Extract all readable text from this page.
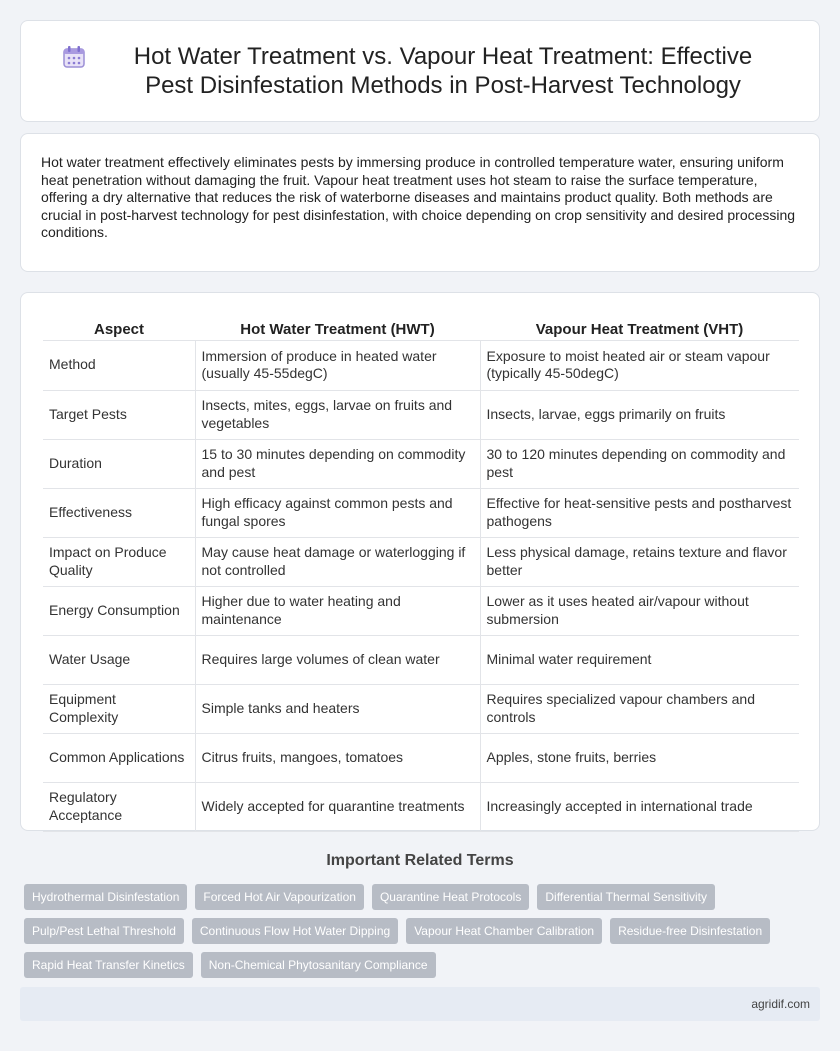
Hot Water Treatment vs. Vapour Heat Treatment: Effective Pest Disinfestation Methods in Post-Harvest Technology

Hot water treatment effectively eliminates pests by immersing produce in controlled temperature water, ensuring uniform heat penetration without damaging the fruit. Vapour heat treatment uses hot steam to raise the surface temperature, offering a dry alternative that reduces the risk of waterborne diseases and maintains product quality. Both methods are crucial in post-harvest technology for pest disinfestation, with choice depending on crop sensitivity and desired processing conditions.

Aspect	Hot Water Treatment (HWT)	Vapour Heat Treatment (VHT)
Method	Immersion of produce in heated water (usually 45-55degC)	Exposure to moist heated air or steam vapour (typically 45-50degC)
Target Pests	Insects, mites, eggs, larvae on fruits and vegetables	Insects, larvae, eggs primarily on fruits
Duration	15 to 30 minutes depending on commodity and pest	30 to 120 minutes depending on commodity and pest
Effectiveness	High efficacy against common pests and fungal spores	Effective for heat-sensitive pests and postharvest pathogens
Impact on Produce Quality	May cause heat damage or waterlogging if not controlled	Less physical damage, retains texture and flavor better
Energy Consumption	Higher due to water heating and maintenance	Lower as it uses heated air/vapour without submersion
Water Usage	Requires large volumes of clean water	Minimal water requirement
Equipment Complexity	Simple tanks and heaters	Requires specialized vapour chambers and controls
Common Applications	Citrus fruits, mangoes, tomatoes	Apples, stone fruits, berries
Regulatory Acceptance	Widely accepted for quarantine treatments	Increasingly accepted in international trade
Important Related Terms
Hydrothermal Disinfestation	Forced Hot Air Vapourization	Quarantine Heat Protocols	Differential Thermal Sensitivity
Pulp/Pest Lethal Threshold	Continuous Flow Hot Water Dipping	Vapour Heat Chamber Calibration	Residue-free Disinfestation
Rapid Heat Transfer Kinetics	Non-Chemical Phytosanitary Compliance
agridif.com
